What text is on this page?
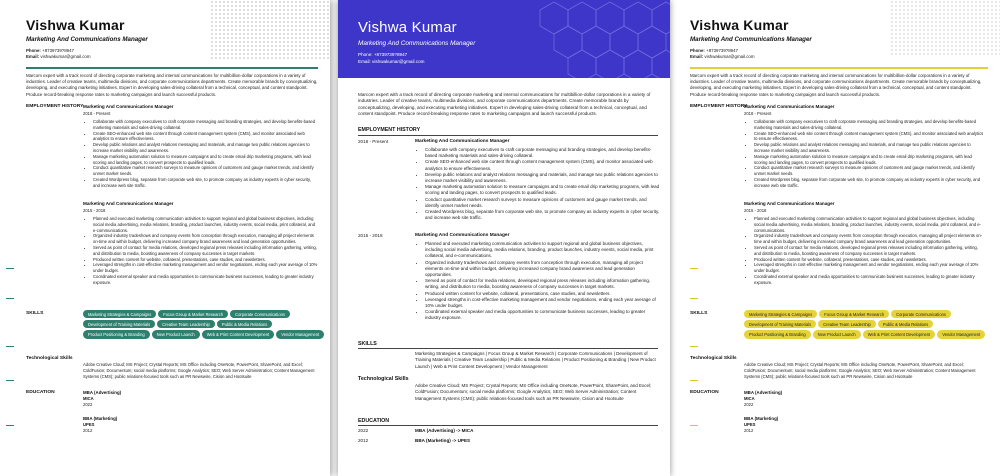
Vishwa Kumar
Marketing And Communications Manager
Phone: +8739739?8947
Email: vishwakumar@gmail.com
Marcom expert with a track record of directing corporate marketing and internal communications for multibillion-dollar corporations in a variety of industries. Leader of creative teams, multimedia divisions, and corporate communications departments. Create memorable brands by conceptualizing, developing, and executing marketing initiatives. Expert in developing sales-driving collateral from a technical, conceptual, and content standpoint. Produce record-breaking response rates to marketing campaigns and launch successful products.
EMPLOYMENT HISTORY Marketing And Communications Manager
2018 - Present
• Collaborate with company executives to craft corporate messaging and branding strategies, and develop benefits-based marketing materials and sales-driving collateral.
• Create SEO-enhanced web site content through content management system (CMS), and monitor associated web analytics to ensure effectiveness.
• Develop public relations and analyst relations messaging and materials, and manage two public relations agencies to increase market visibility and awareness.
• Manage marketing automation solution to measure campaigns and to create email drip marketing programs, with lead scoring and landing pages, to convert prospects to qualified leads.
• Conduct quantitative market research surveys to measure opinions of customers and gauge market trends, and identify unmet market needs.
• Created Wordpress blog, separate from corporate web site, to promote company as industry experts in cyber security, and increase web site traffic.
Marketing And Communications Manager
2015 - 2018
• Planned and executed marketing communication activities to support regional and global business objectives, including social media advertising, media relations, branding, product launches, industry events, social media, print collateral, and e-communications.
• Organized industry tradeshows and company events from conception through execution, managing all project elements on-time and within budget, delivering increased company brand awareness and lead generation opportunities.
• Served as point of contact for media relations, developed regional press releases including information gathering, writing, and distribution to media, boosting awareness of company successes in target markets.
• Produced written content for website, collateral, presentations, case studies, and newsletters.
• Leveraged strengths in cost-effective marketing management and vendor negotiations, ending each year average of 10% under budget.
• Coordinated external speaker and media opportunities to communicate business successes, leading to greater industry exposure.
SKILLS	Marketing Strategies & Campaigns	Focus Group & Market Research	Corporate Communications
Development of Training Materials	Creative Team Leadership	Public & Media Relations
Product Positioning & Branding	New Product Launch	Web & Print Content Development	Vendor Management
Technological Skills
Adobe Creative Cloud; MS Project; Crystal Reports; MS Office including OneNote, PowerPoint, SharePoint, and Excel; ColdFusion; Documentum; social media platforms; Google Analytics; SEO; Web Server Administration; Content Management Systems (CMS); public relations-focused tools such as PR Newswire, Cision and Hootsuite
EDUCATION	MBA (Advertising)
MICA
2022
BBA (Marketing)
UPES
2012
Vishwa Kumar
Marketing And Communications Manager
Phone: +8739739?8947
Email: vishwakumar@gmail.com
Marcom expert with a track record of directing corporate marketing and internal communications for multibillion-dollar corporations in a variety of industries. Leader of creative teams, multimedia divisions, and corporate communications departments. Create memorable brands by conceptualizing, developing, and executing marketing initiatives. Expert in developing sales-driving collateral from a technical, conceptual, and content standpoint. Produce record-breaking response rates to marketing campaigns and launch successful products.
EMPLOYMENT HISTORY
2018 - Present	Marketing And Communications Manager
• Collaborate with company executives to craft corporate messaging and branding strategies, and develop benefits-based marketing materials and sales-driving collateral.
• Create SEO-enhanced web site content through content management system (CMS), and monitor associated web analytics to ensure effectiveness.
• Develop public relations and analyst relations messaging and materials, and manage two public relations agencies to increase market visibility and awareness.
• Manage marketing automation solution to measure campaigns and to create email drip marketing programs, with lead scoring and landing pages, to convert prospects to qualified leads.
• Conduct quantitative market research surveys to measure opinions of customers and gauge market trends, and identify unmet market needs.
• Created Wordpress blog, separate from corporate web site, to promote company as industry experts in cyber security, and increase web site traffic.
2015 - 2018	Marketing And Communications Manager
• Planned and executed marketing communication activities to support regional and global business objectives, including social media advertising, media relations, branding, product launches, industry events, social media, print collateral, and e-communications.
• Organized industry tradeshows and company events from conception through execution, managing all project elements on-time and within budget, delivering increased company brand awareness and lead generation opportunities.
• Served as point of contact for media relations, developed regional press releases including information gathering, writing, and distribution to media, boosting awareness of company successes in target markets.
• Produced written content for website, collateral, presentations, case studies, and newsletters.
• Leveraged strengths in cost-effective marketing management and vendor negotiations, ending each year average of 10% under budget.
• Coordinated external speaker and media opportunities to communicate business successes, leading to greater industry exposure.
SKILLS
Marketing Strategies & Campaigns | Focus Group & Market Research | Corporate Communications | Development of Training Materials | Creative Team Leadership | Public & Media Relations | Product Positioning & Branding | New Product Launch | Web & Print Content Development | Vendor Management
Technological Skills
Adobe Creative Cloud; MS Project; Crystal Reports; MS Office including OneNote, PowerPoint, SharePoint, and Excel; ColdFusion; Documentum; social media platforms; Google Analytics; SEO; Web Server Administration; Content Management Systems (CMS); public relations-focused tools such as PR Newswire, Cision and Hootsuite
EDUCATION
2022	MBA (Advertising) -> MICA
2012	BBA (Marketing) -> UPES
Vishwa Kumar
Marketing And Communications Manager
Phone: +8739739?8947
Email: vishwakumar@gmail.com
Marcom expert with a track record of directing corporate marketing and internal communications for multibillion-dollar corporations in a variety of industries. Leader of creative teams, multimedia divisions, and corporate communications departments. Create memorable brands by conceptualizing, developing, and executing marketing initiatives. Expert in developing sales-driving collateral from a technical, conceptual, and content standpoint. Produce record-breaking response rates to marketing campaigns and launch successful products.
EMPLOYMENT HISTORY
Marketing And Communications Manager
2018 - Present
• Collaborate with company executives to craft corporate messaging and branding strategies, and develop benefits-based marketing materials and sales-driving collateral.
• Create SEO-enhanced web site content through content management system (CMS), and monitor associated web analytics to ensure effectiveness.
• Develop public relations and analyst relations messaging and materials, and manage two public relations agencies to increase market visibility and awareness.
• Manage marketing automation solution to measure campaigns and to create email drip marketing programs, with lead scoring and landing pages, to convert prospects to qualified leads.
• Conduct quantitative market research surveys to measure opinions of customers and gauge market trends, and identify unmet market needs.
• Created Wordpress blog, separate from corporate web site, to promote company as industry experts in cyber security, and increase web site traffic.
Marketing And Communications Manager
2015 - 2018
• Planned and executed marketing communication activities to support regional and global business objectives, including social media advertising, media relations, branding, product launches, industry events, social media, print collateral, and e-communications.
• Organized industry tradeshows and company events from conception through execution, managing all project elements on-time and within budget, delivering increased company brand awareness and lead generation opportunities.
• Served as point of contact for media relations, developed regional press releases including information gathering, writing, and distribution to media, boosting awareness of company successes in target markets.
• Produced written content for website, collateral, presentations, case studies, and newsletters.
• Leveraged strengths in cost-effective marketing management and vendor negotiations, ending each year average of 10% under budget.
• Coordinated external speaker and media opportunities to communicate business successes, leading to greater industry exposure.
SKILLS	Marketing Strategies & Campaigns	Focus Group & Market Research	Corporate Communications
Development of Training Materials	Creative Team Leadership	Public & Media Relations
Product Positioning & Branding	New Product Launch	Web & Print Content Development	Vendor Management
Technological Skills
Adobe Creative Cloud; MS Project; Crystal Reports; MS Office including OneNote, PowerPoint, SharePoint, and Excel; ColdFusion; Documentum; social media platforms; Google Analytics; SEO; Web Server Administration; Content Management Systems (CMS); public relations-focused tools such as PR Newswire, Cision and Hootsuite
EDUCATION	MBA (Advertising)
MICA
2022
BBA (Marketing)
UPES
2012
